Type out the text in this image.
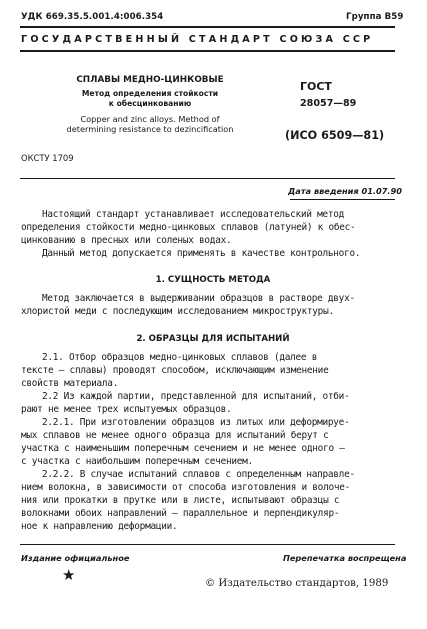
УДК 669.35.5.001.4:006.354	Группа В59
ГОСУДАРСТВЕННЫЙ СТАНДАРТ СОЮЗА ССР
СПЛАВЫ МЕДНО-ЦИНКОВЫЕ
Метод определения стойкости
к обесцинкованию
Copper and zinc alloys. Method of
determining resistance to dezincification
ГОСТ
28057—89
(ИСО 6509—81)
ОКСТУ 1709
Дата введения 01.07.90
Настоящий стандарт устанавливает исследовательский метод
определения стойкости медно-цинковых сплавов (латуней) к обес-
цинкованию в пресных или соленых водах.
Данный метод допускается применять в качестве контрольного.
1. СУЩНОСТЬ МЕТОДА
Метод заключается в выдерживании образцов в растворе двух-
хлористой меди с последующим исследованием микроструктуры.
2. ОБРАЗЦЫ ДЛЯ ИСПЫТАНИЙ
2.1. Отбор образцов медно-цинковых сплавов (далее в
тексте — сплавы) проводят способом, исключающим изменение
свойств материала.
2.2 Из каждой партии, представленной для испытаний, отби-
рают не менее трех испытуемых образцов.
2.2.1. При изготовлении образцов из литых или деформируе-
мых сплавов не менее одного образца для испытаний берут с
участка с наименьшим поперечным сечением и не менее одного —
с участка с наибольшим поперечным сечением.
2.2.2. В случае испытаний сплавов с определенным направле-
нием волокна, в зависимости от способа изготовления и волоче-
ния или прокатки в прутке или в листе, испытывают образцы с
волокнами обоих направлений — параллельное и перпендикуляр-
ное к направлению деформации.
Издание официальное	Перепечатка воспрещена
★	© Издательство стандартов, 1989
